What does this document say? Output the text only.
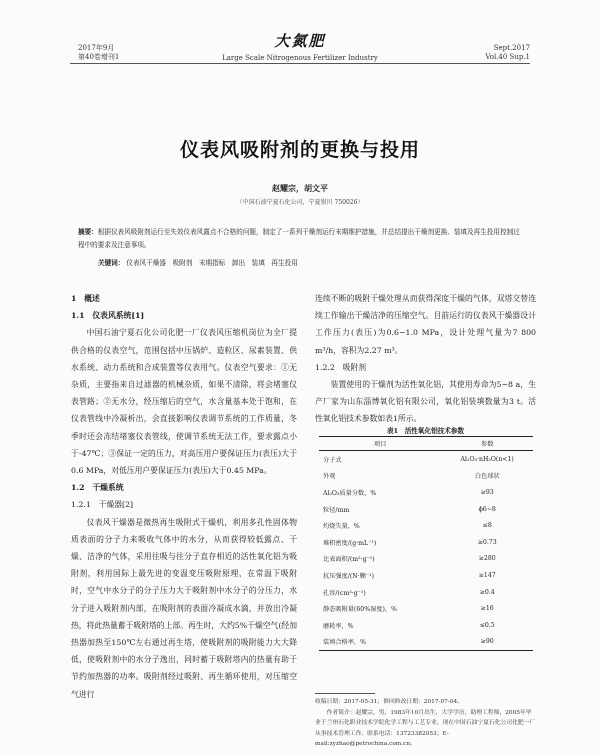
2017年9月
第40卷增刊1
大氮肥
Large Scale Nitrogenous Fertilizer Industry
Sept.2017
Vol.40 Sup.1
仪表风吸附剂的更换与投用
赵耀宗，胡文平
（中国石油宁夏石化公司，宁夏银川 750026）
摘要：根据仪表风吸附剂运行至失效仪表风露点不合格的问题，制定了一系列干燥剂运行末期维护措施，并总结提出干燥剂更换、装填及再生投用控制过程中的要求及注意事项。
关键词： 仪表风干燥器　吸附剂　末期指标　卸出　装填　再生投用
1　概述
1.1　仪表风系统[1]
中国石油宁夏石化公司化肥一厂仪表风压缩机岗位为全厂提供合格的仪表空气，范围包括中压锅炉、造粒区、尿素装置、供水系统、动力系统和合成装置等仪表用气。仪表空气要求：①无杂质，主要指来自过滤器的机械杂质，如果不清除，将会堵塞仪表管路；②无水分，经压缩后的空气，水含量基本处于饱和，在仪表管线中冷凝析出，会直接影响仪表调节系统的工作质量，冬季时还会冻结堵塞仪表管线，使调节系统无法工作，要求露点小于-47℃；③保证一定的压力，对高压用户要保证压力(表压)大于0.6 MPa，对低压用户要保证压力(表压)大于0.45 MPa。
1.2　干燥系统
1.2.1　干燥器[2]
仪表风干燥器是微热再生吸附式干燥机，利用多孔性固体物质表面的分子力来吸收气体中的水分，从而获得较低露点、干燥、洁净的气体，采用往吸与往分子直存相近的活性氧化铝为吸附剂，利用国际上最先进的变温变压吸附原理，在常温下吸附时，空气中水分子的分子压力大于吸附剂中水分子的分压力，水分子进入吸附剂内部，在吸附剂的表面冷凝成水滴，并放出冷凝热，将此热量蓄于吸附塔的上部。再生时，大约5%干燥空气(经加热器加热至150℃左右通过再生塔，使吸附剂的吸附能力大大降低，使吸附剂中的水分子逸出，同时蓄于吸附塔内的热量有助于节约加热器的功率。吸附剂经过吸附、再生循环使用，对压缩空气进行
连续不断的吸附干燥处理从而获得深度干燥的气体，双塔交替连续工作输出干燥洁净的压缩空气。目前运行的仪表风干燥器设计工作压力(表压)为0.6~1.0 MPa，设计处理气量为7 800 m³/h，容积为2.27 m³。
1.2.2　吸附剂
装置使用的干燥剂为活性氧化铝，其使用寿命为5~8 a，生产厂家为山东淄博氧化铝有限公司，氧化铝装填数量为3 t。活性氧化铝技术参数如表1所示。
表1　活性氧化铝技术参数
项目	参数
分子式	Al₂O₃·nH₂O(n<1)
外观	白色球状
Al₂O₃质量分数，%	≥93
粒径/mm	ϕ6~8
灼烧失量，%	≤8
堆积密度/(g·mL⁻¹)	≥0.73
比表面积/(m²·g⁻¹)	≥280
抗压强度/(N·颗⁻¹)	≥147
孔容/(cm³·g⁻¹)	≥0.4
静态吸附量(60%湿度)，%	≥16
磨耗率，%	≤0.5
装填合格率，%	≥90
收稿日期：2017-05-31；修回修改日期：2017-07-04。
作者简介：赵耀宗，男，1983年10月出生，大学学历，助理工程师，2005年毕业于兰州石化职业技术学院化学工程与工艺专业，现在中国石油宁夏石化公司化肥一厂从事技术管理工作。联系电话：13723382053；E-mail:zyzhao@petrochina.com.cn。
